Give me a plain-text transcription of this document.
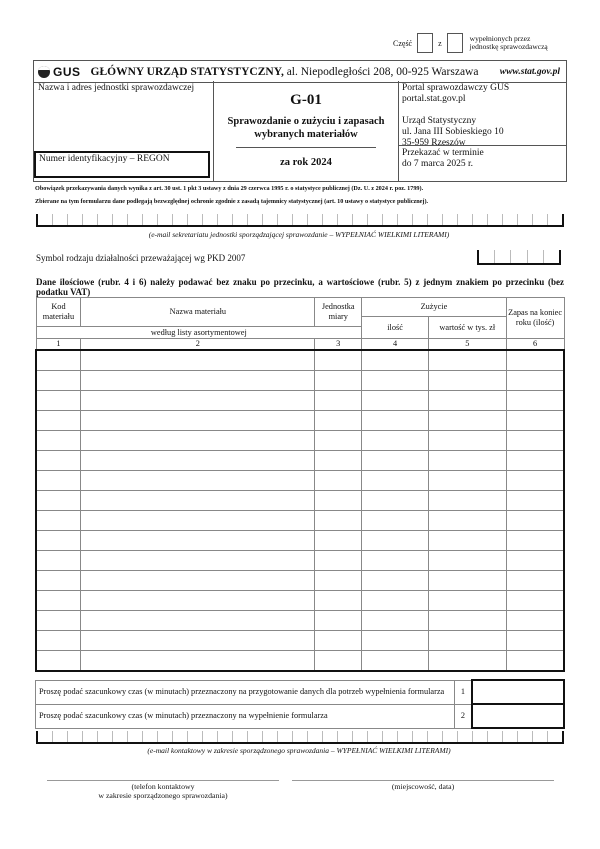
Część	z	wypełnionych przez jednostkę sprawozdawczą
GUS GŁÓWNY URZĄD STATYSTYCZNY, al. Niepodległości 208, 00-925 Warszawa www.stat.gov.pl
Nazwa i adres jednostki sprawozdawczej
Numer identyfikacyjny – REGON
G-01
Sprawozdanie o zużyciu i zapasach wybranych materiałów
za rok 2024
Portal sprawozdawczy GUS
portal.stat.gov.pl
Urząd Statystyczny
ul. Jana III Sobieskiego 10
35-959 Rzeszów
Przekazać w terminie
do 7 marca 2025 r.
Obowiązek przekazywania danych wynika z art. 30 ust. 1 pkt 3 ustawy z dnia 29 czerwca 1995 r. o statystyce publicznej (Dz. U. z 2024 r. poz. 1799).
Zbierane na tym formularzu dane podlegają bezwzględnej ochronie zgodnie z zasadą tajemnicy statystycznej (art. 10 ustawy o statystyce publicznej).
(e-mail sekretariatu jednostki sporządzającej sprawozdanie – WYPEŁNIAĆ WIELKIMI LITERAMI)
Symbol rodzaju działalności przeważającej wg PKD 2007
Dane ilościowe (rubr. 4 i 6) należy podawać bez znaku po przecinku, a wartościowe (rubr. 5) z jednym znakiem po przecinku (bez podatku VAT)
Kod materiału	Nazwa materiału	Jednostka miary	Zużycie		Zapas na koniec roku (ilość)
			ilość	wartość w tys. zł	
według listy asortymentowej					
1	2	3	4	5	6

Proszę podać szacunkowy czas (w minutach) przeznaczony na przygotowanie danych dla potrzeb wypełnienia formularza	1	
Proszę podać szacunkowy czas (w minutach) przeznaczony na wypełnienie formularza	2	
(e-mail kontaktowy w zakresie sporządzonego sprawozdania – WYPEŁNIAĆ WIELKIMI LITERAMI)
(telefon kontaktowy
w zakresie sporządzonego sprawozdania)
(miejscowość, data)
